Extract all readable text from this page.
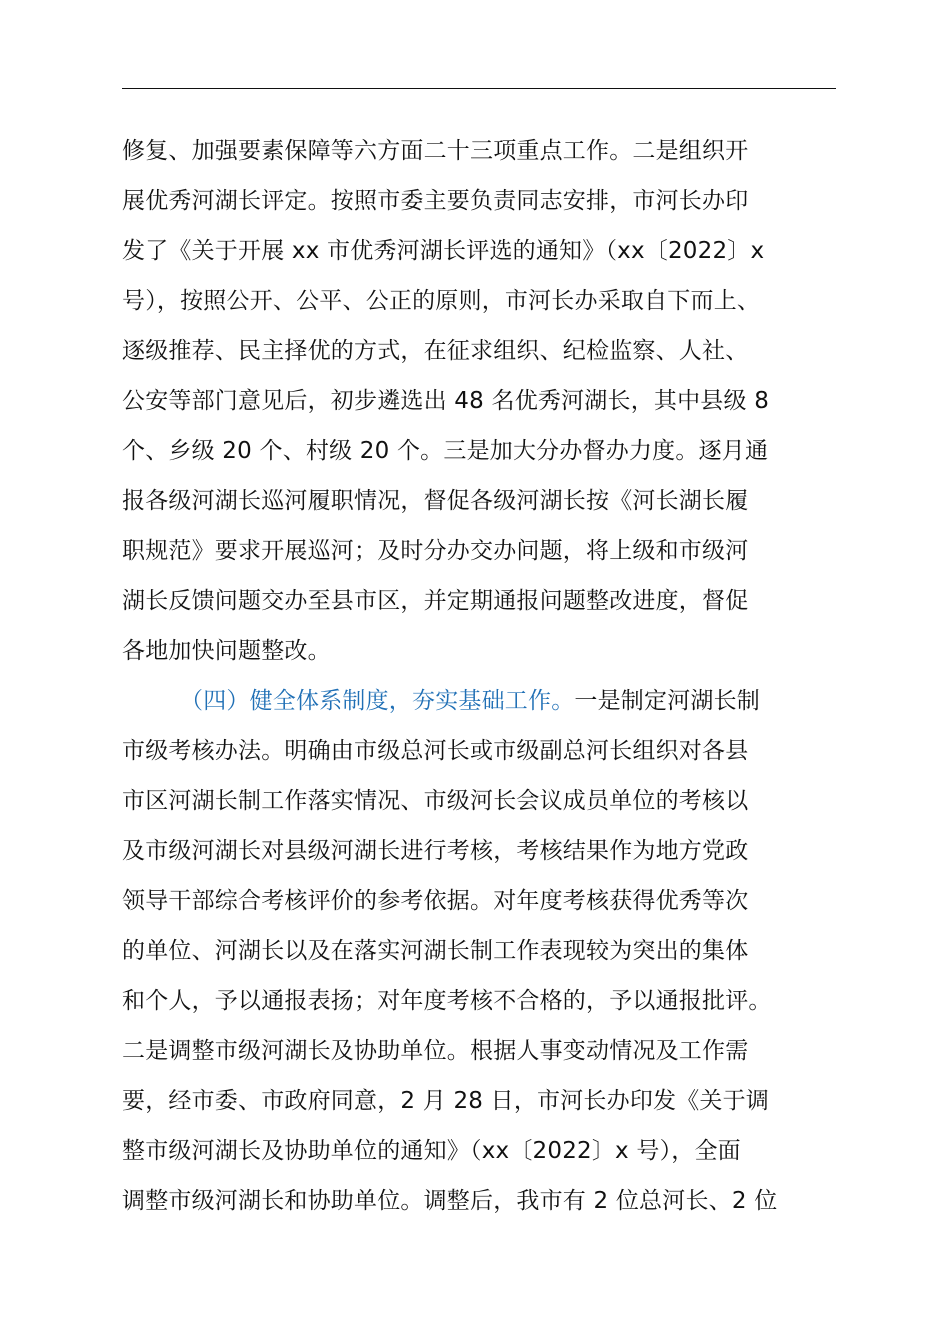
修复、加强要素保障等六方面二十三项重点工作。二是组织开
展优秀河湖长评定。按照市委主要负责同志安排，市河长办印
发了《关于开展 xx 市优秀河湖长评选的通知》（xx〔2022〕x
号），按照公开、公平、公正的原则，市河长办采取自下而上、
逐级推荐、民主择优的方式，在征求组织、纪检监察、人社、
公安等部门意见后，初步遴选出 48 名优秀河湖长，其中县级 8
个、乡级 20 个、村级 20 个。三是加大分办督办力度。逐月通
报各级河湖长巡河履职情况，督促各级河湖长按《河长湖长履
职规范》要求开展巡河；及时分办交办问题，将上级和市级河
湖长反馈问题交办至县市区，并定期通报问题整改进度，督促
各地加快问题整改。
（四）健全体系制度，夯实基础工作。一是制定河湖长制
市级考核办法。明确由市级总河长或市级副总河长组织对各县
市区河湖长制工作落实情况、市级河长会议成员单位的考核以
及市级河湖长对县级河湖长进行考核，考核结果作为地方党政
领导干部综合考核评价的参考依据。对年度考核获得优秀等次
的单位、河湖长以及在落实河湖长制工作表现较为突出的集体
和个人，予以通报表扬；对年度考核不合格的，予以通报批评。
二是调整市级河湖长及协助单位。根据人事变动情况及工作需
要，经市委、市政府同意，2 月 28 日，市河长办印发《关于调
整市级河湖长及协助单位的通知》（xx〔2022〕x 号），全面
调整市级河湖长和协助单位。调整后，我市有 2 位总河长、2 位
